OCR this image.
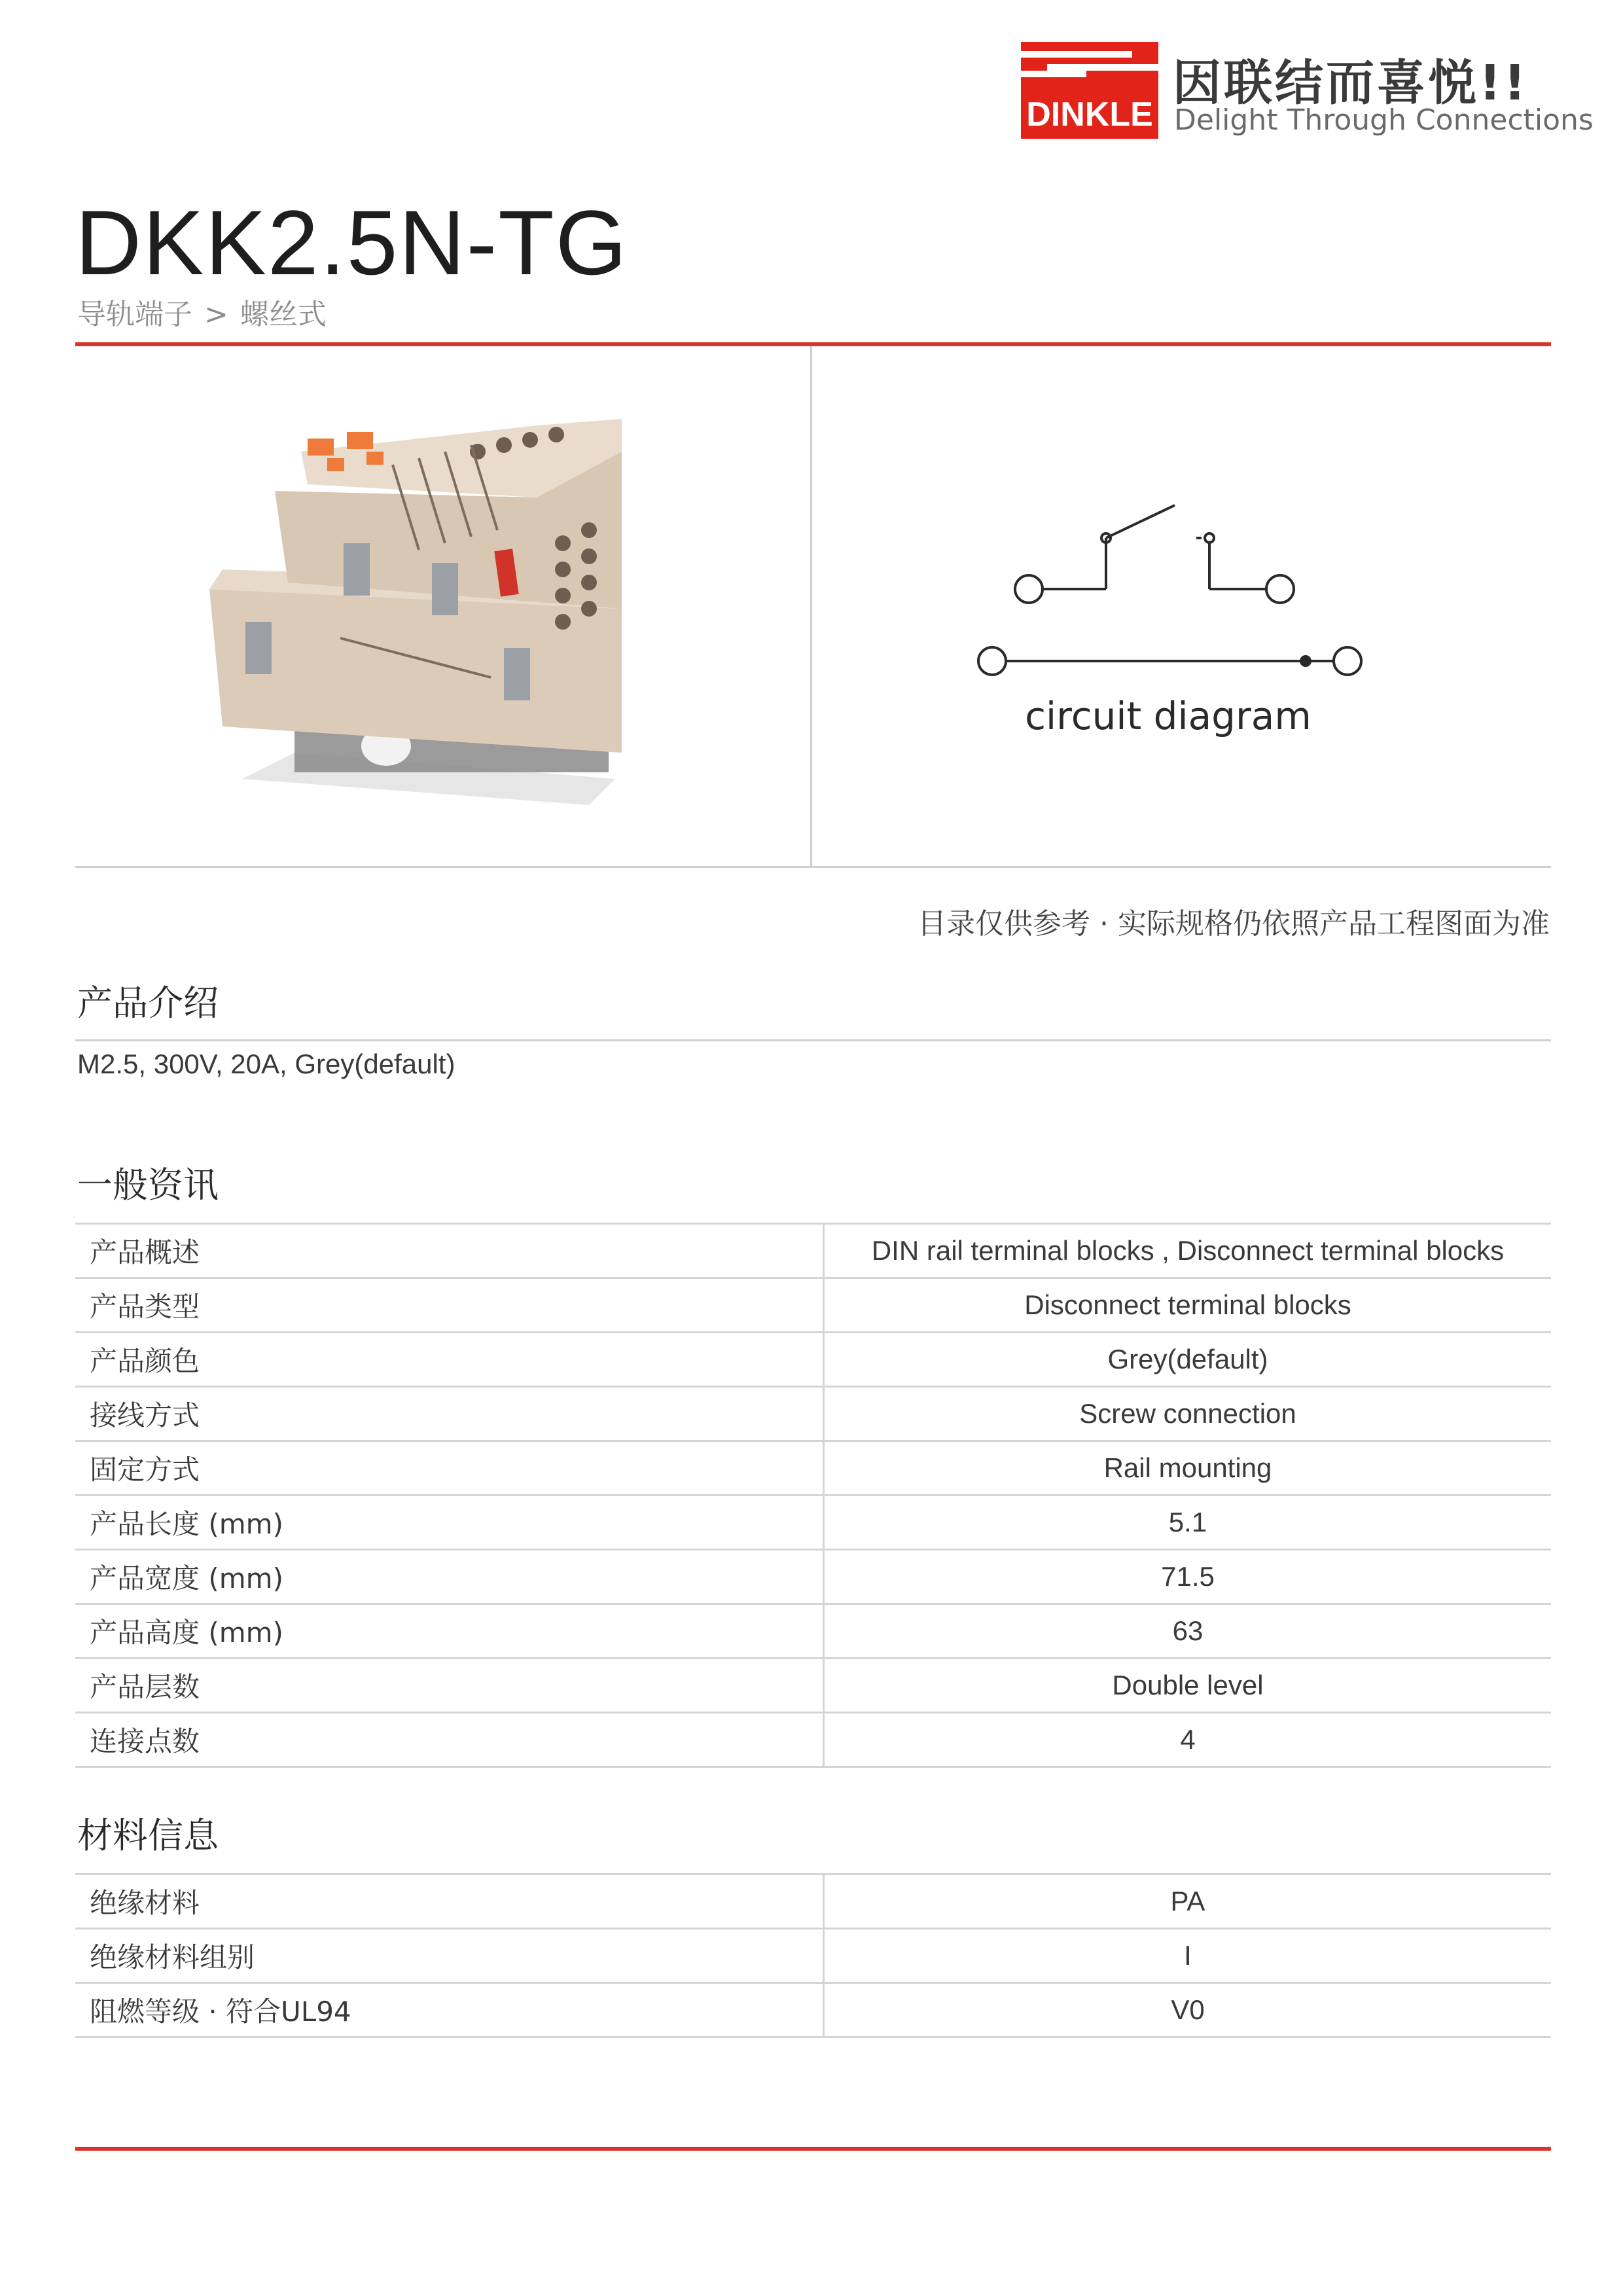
DINKLE
因联结而喜悦!!
Delight Through Connections
DKK2.5N-TG
导轨端子 > 螺丝式
circuit diagram
目录仅供参考 · 实际规格仍依照产品工程图面为准
产品介绍
M2.5, 300V, 20A, Grey(default)
一般资讯
产品概述	DIN rail terminal blocks , Disconnect terminal blocks
产品类型	Disconnect terminal blocks
产品颜色	Grey(default)
接线方式	Screw connection
固定方式	Rail mounting
产品长度 (mm)	5.1
产品宽度 (mm)	71.5
产品高度 (mm)	63
产品层数	Double level
连接点数	4
材料信息
绝缘材料	PA
绝缘材料组别	I
阻燃等级 · 符合UL94	V0
